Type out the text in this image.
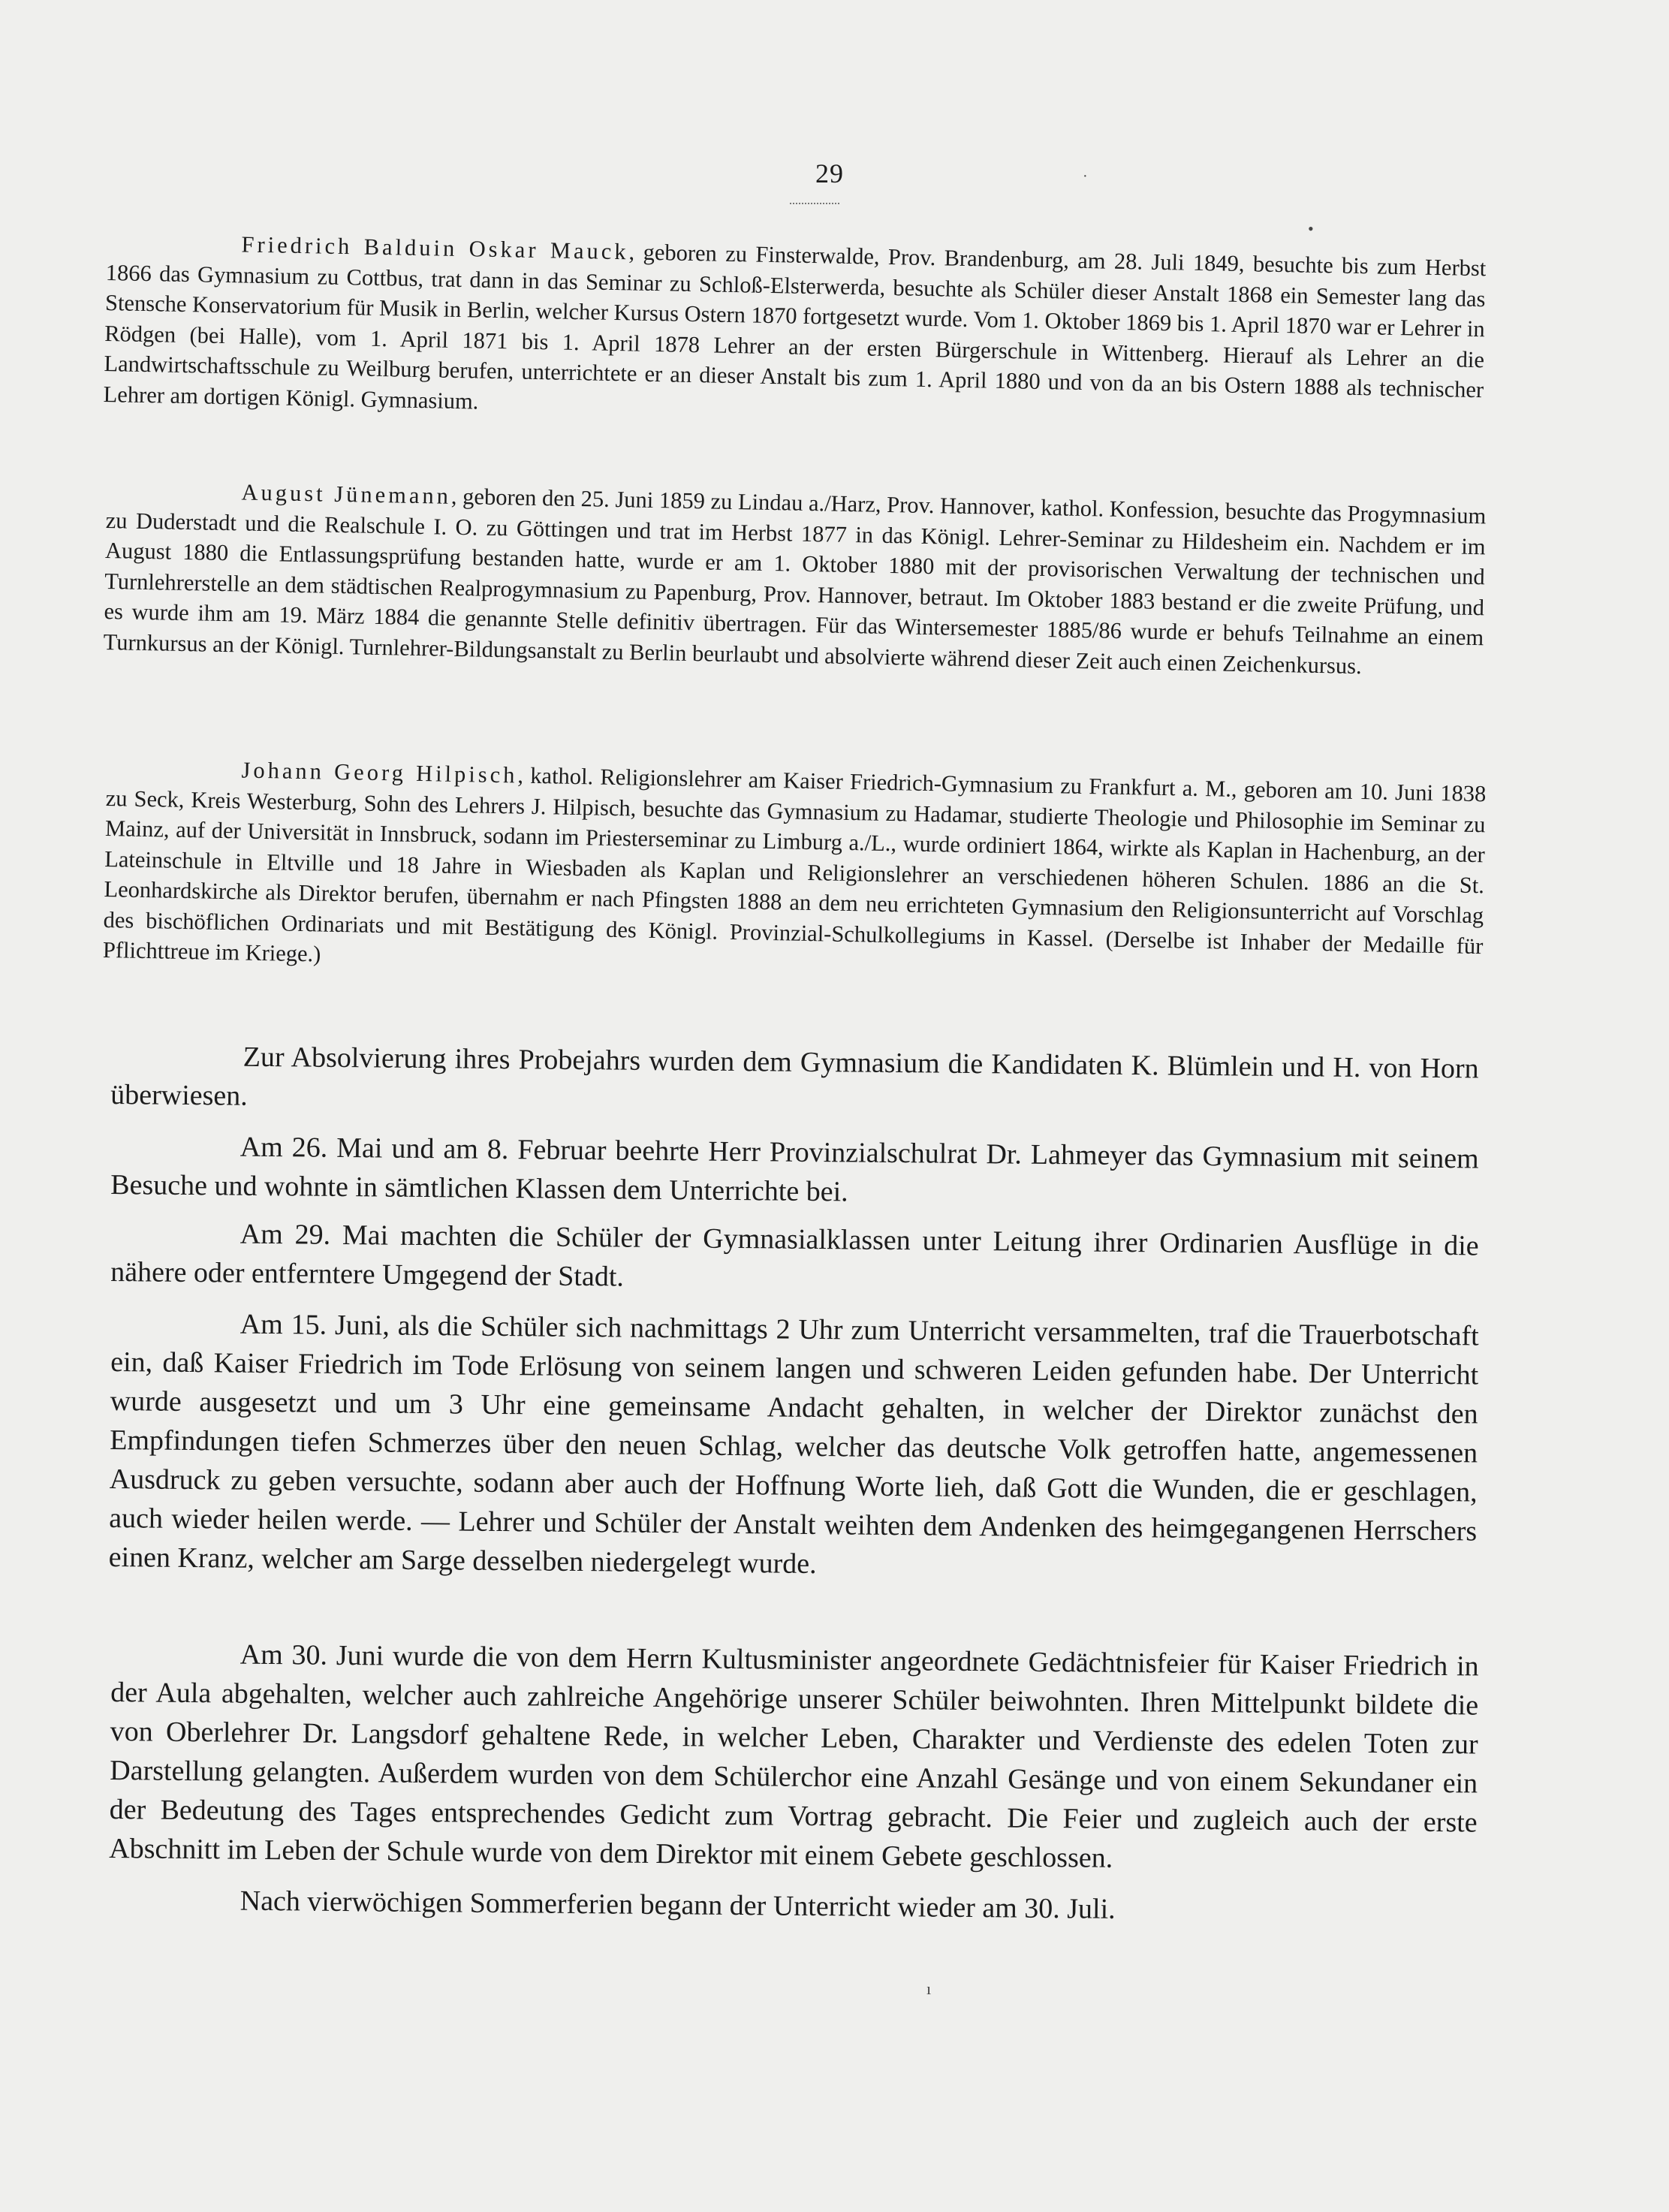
29

Friedrich Balduin Oskar Mauck, geboren zu Finsterwalde, Prov. Brandenburg, am 28. Juli 1849, besuchte bis zum Herbst 1866 das Gymnasium zu Cottbus, trat dann in das Seminar zu Schloß-Elsterwerda, besuchte als Schüler dieser Anstalt 1868 ein Semester lang das Stensche Konservatorium für Musik in Berlin, welcher Kursus Ostern 1870 fortgesetzt wurde. Vom 1. Oktober 1869 bis 1. April 1870 war er Lehrer in Rödgen (bei Halle), vom 1. April 1871 bis 1. April 1878 Lehrer an der ersten Bürgerschule in Wittenberg. Hierauf als Lehrer an die Landwirtschaftsschule zu Weilburg berufen, unterrichtete er an dieser Anstalt bis zum 1. April 1880 und von da an bis Ostern 1888 als technischer Lehrer am dortigen Königl. Gymnasium.

August Jünemann, geboren den 25. Juni 1859 zu Lindau a./Harz, Prov. Hannover, kathol. Konfession, besuchte das Progymnasium zu Duderstadt und die Realschule I. O. zu Göttingen und trat im Herbst 1877 in das Königl. Lehrer-Seminar zu Hildesheim ein. Nachdem er im August 1880 die Entlassungsprüfung bestanden hatte, wurde er am 1. Oktober 1880 mit der provisorischen Verwaltung der technischen und Turnlehrerstelle an dem städtischen Realprogymnasium zu Papenburg, Prov. Hannover, betraut. Im Oktober 1883 bestand er die zweite Prüfung, und es wurde ihm am 19. März 1884 die genannte Stelle definitiv übertragen. Für das Wintersemester 1885/86 wurde er behufs Teilnahme an einem Turnkursus an der Königl. Turnlehrer-Bildungsanstalt zu Berlin beurlaubt und absolvierte während dieser Zeit auch einen Zeichenkursus.

Johann Georg Hilpisch, kathol. Religionslehrer am Kaiser Friedrich-Gymnasium zu Frankfurt a. M., geboren am 10. Juni 1838 zu Seck, Kreis Westerburg, Sohn des Lehrers J. Hilpisch, besuchte das Gymnasium zu Hadamar, studierte Theologie und Philosophie im Seminar zu Mainz, auf der Universität in Innsbruck, sodann im Priesterseminar zu Limburg a./L., wurde ordiniert 1864, wirkte als Kaplan in Hachenburg, an der Lateinschule in Eltville und 18 Jahre in Wiesbaden als Kaplan und Religionslehrer an verschiedenen höheren Schulen. 1886 an die St. Leonhardskirche als Direktor berufen, übernahm er nach Pfingsten 1888 an dem neu errichteten Gymnasium den Religionsunterricht auf Vorschlag des bischöflichen Ordinariats und mit Bestätigung des Königl. Provinzial-Schulkollegiums in Kassel. (Derselbe ist Inhaber der Medaille für Pflichttreue im Kriege.)

Zur Absolvierung ihres Probejahrs wurden dem Gymnasium die Kandidaten K. Blümlein und H. von Horn überwiesen.

Am 26. Mai und am 8. Februar beehrte Herr Provinzialschulrat Dr. Lahmeyer das Gymnasium mit seinem Besuche und wohnte in sämtlichen Klassen dem Unterrichte bei.

Am 29. Mai machten die Schüler der Gymnasialklassen unter Leitung ihrer Ordinarien Ausflüge in die nähere oder entferntere Umgegend der Stadt.

Am 15. Juni, als die Schüler sich nachmittags 2 Uhr zum Unterricht versammelten, traf die Trauerbotschaft ein, daß Kaiser Friedrich im Tode Erlösung von seinem langen und schweren Leiden gefunden habe. Der Unterricht wurde ausgesetzt und um 3 Uhr eine gemeinsame Andacht gehalten, in welcher der Direktor zunächst den Empfindungen tiefen Schmerzes über den neuen Schlag, welcher das deutsche Volk getroffen hatte, angemessenen Ausdruck zu geben versuchte, sodann aber auch der Hoffnung Worte lieh, daß Gott die Wunden, die er geschlagen, auch wieder heilen werde. — Lehrer und Schüler der Anstalt weihten dem Andenken des heimgegangenen Herrschers einen Kranz, welcher am Sarge desselben niedergelegt wurde.

Am 30. Juni wurde die von dem Herrn Kultusminister angeordnete Gedächtnisfeier für Kaiser Friedrich in der Aula abgehalten, welcher auch zahlreiche Angehörige unserer Schüler beiwohnten. Ihren Mittelpunkt bildete die von Oberlehrer Dr. Langsdorf gehaltene Rede, in welcher Leben, Charakter und Verdienste des edelen Toten zur Darstellung gelangten. Außerdem wurden von dem Schülerchor eine Anzahl Gesänge und von einem Sekundaner ein der Bedeutung des Tages entsprechendes Gedicht zum Vortrag gebracht. Die Feier und zugleich auch der erste Abschnitt im Leben der Schule wurde von dem Direktor mit einem Gebete geschlossen.

Nach vierwöchigen Sommerferien begann der Unterricht wieder am 30. Juli.

·
•
ı
